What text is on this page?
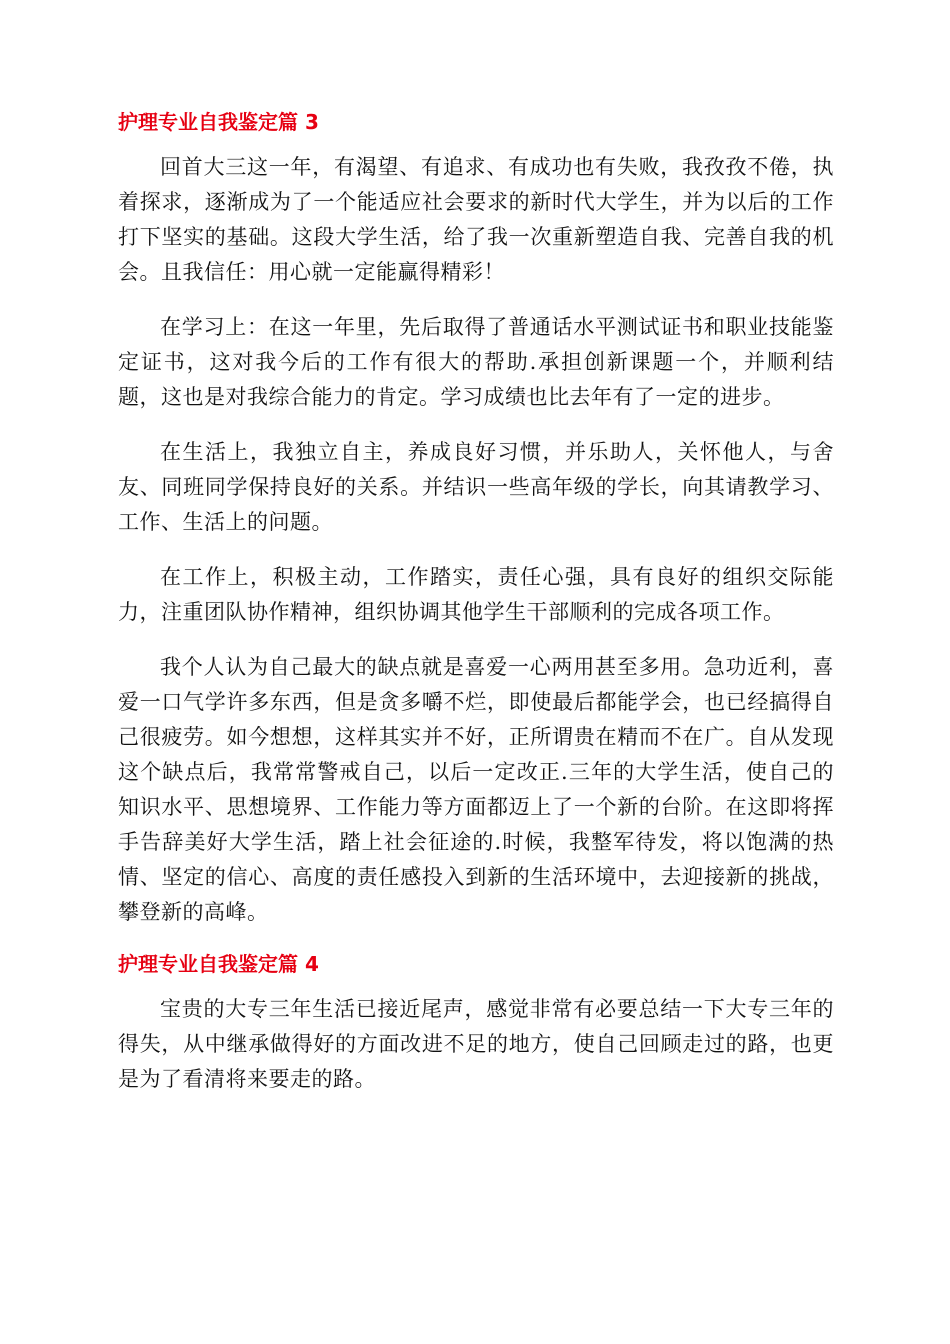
护理专业自我鉴定篇 3

回首大三这一年，有渴望、有追求、有成功也有失败，我孜孜不倦，执着探求，逐渐成为了一个能适应社会要求的新时代大学生，并为以后的工作打下坚实的基础。这段大学生活，给了我一次重新塑造自我、完善自我的机会。且我信任：用心就一定能赢得精彩！

在学习上：在这一年里，先后取得了普通话水平测试证书和职业技能鉴定证书，这对我今后的工作有很大的帮助.承担创新课题一个，并顺利结题，这也是对我综合能力的肯定。学习成绩也比去年有了一定的进步。

在生活上，我独立自主，养成良好习惯，并乐助人，关怀他人，与舍友、同班同学保持良好的关系。并结识一些高年级的学长，向其请教学习、工作、生活上的问题。

在工作上，积极主动，工作踏实，责任心强，具有良好的组织交际能力，注重团队协作精神，组织协调其他学生干部顺利的完成各项工作。

我个人认为自己最大的缺点就是喜爱一心两用甚至多用。急功近利，喜爱一口气学许多东西，但是贪多嚼不烂，即使最后都能学会，也已经搞得自己很疲劳。如今想想，这样其实并不好，正所谓贵在精而不在广。自从发现这个缺点后，我常常警戒自己，以后一定改正.三年的大学生活，使自己的知识水平、思想境界、工作能力等方面都迈上了一个新的台阶。在这即将挥手告辞美好大学生活，踏上社会征途的.时候，我整军待发，将以饱满的热情、坚定的信心、高度的责任感投入到新的生活环境中，去迎接新的挑战，攀登新的高峰。

护理专业自我鉴定篇 4

宝贵的大专三年生活已接近尾声，感觉非常有必要总结一下大专三年的得失，从中继承做得好的方面改进不足的地方，使自己回顾走过的路，也更是为了看清将来要走的路。
